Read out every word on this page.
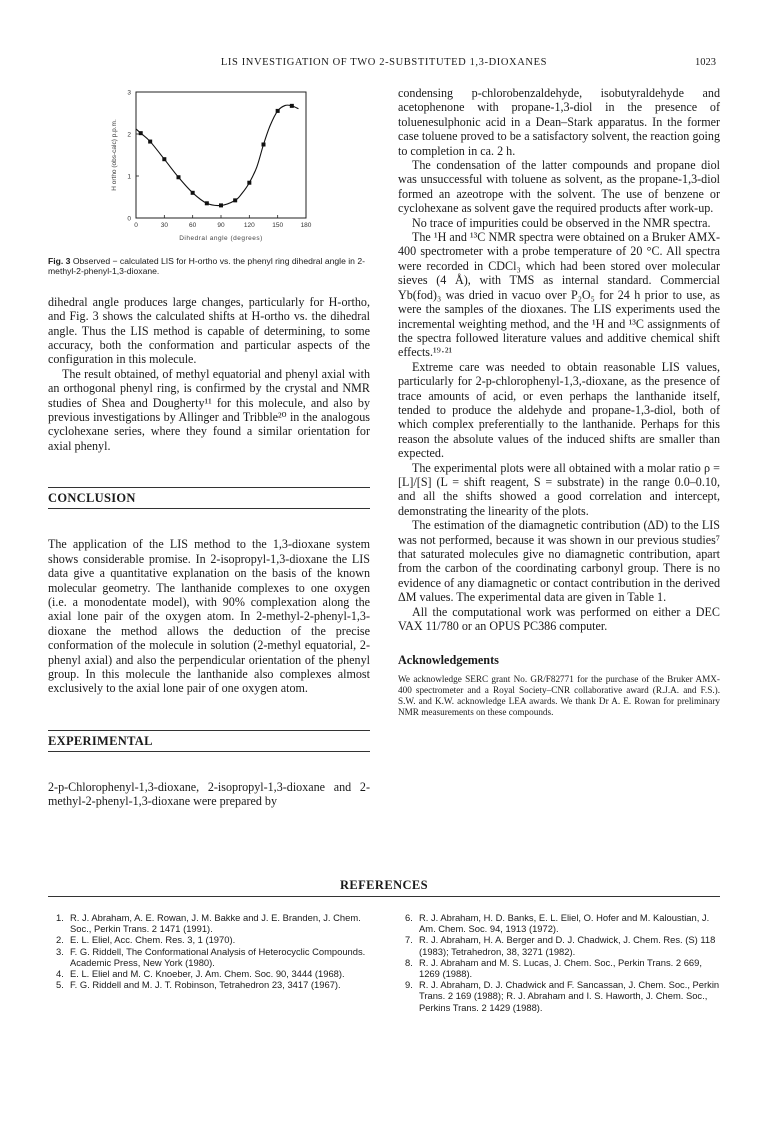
LIS INVESTIGATION OF TWO 2-SUBSTITUTED 1,3-DIOXANES	1023
0	30	60	90	120	150	180
0
1
2
3
Dihedral angle (degrees)
H ortho (obs-calc) p.p.m.
Fig. 3 Observed − calculated LIS for H-ortho vs. the phenyl ring dihedral angle in 2-methyl-2-phenyl-1,3-dioxane.

dihedral angle produces large changes, particularly for H-ortho, and Fig. 3 shows the calculated shifts at H-ortho vs. the dihedral angle. Thus the LIS method is capable of determining, to some accuracy, both the conformation and particular aspects of the configuration in this molecule.

The result obtained, of methyl equatorial and phenyl axial with an orthogonal phenyl ring, is confirmed by the crystal and NMR studies of Shea and Dougherty¹¹ for this molecule, and also by previous investigations by Allinger and Tribble²⁰ in the analogous cyclohexane series, where they found a similar orientation for axial phenyl.

CONCLUSION

The application of the LIS method to the 1,3-dioxane system shows considerable promise. In 2-isopropyl-1,3-dioxane the LIS data give a quantitative explanation on the basis of the known molecular geometry. The lanthanide complexes to one oxygen (i.e. a monodentate model), with 90% complexation along the axial lone pair of the oxygen atom. In 2-methyl-2-phenyl-1,3-dioxane the method allows the deduction of the precise conformation of the molecule in solution (2-methyl equatorial, 2-phenyl axial) and also the perpendicular orientation of the phenyl group. In this molecule the lanthanide also complexes almost exclusively to the axial lone pair of one oxygen atom.

EXPERIMENTAL

2-p-Chlorophenyl-1,3-dioxane, 2-isopropyl-1,3-dioxane and 2-methyl-2-phenyl-1,3-dioxane were prepared by

condensing p-chlorobenzaldehyde, isobutyraldehyde and acetophenone with propane-1,3-diol in the presence of toluenesulphonic acid in a Dean–Stark apparatus. In the former case toluene proved to be a satisfactory solvent, the reaction going to completion in ca. 2 h.

The condensation of the latter compounds and propane diol was unsuccessful with toluene as solvent, as the propane-1,3-diol formed an azeotrope with the solvent. The use of benzene or cyclohexane as solvent gave the required products after work-up.

No trace of impurities could be observed in the NMR spectra.

The ¹H and ¹³C NMR spectra were obtained on a Bruker AMX-400 spectrometer with a probe temperature of 20 °C. All spectra were recorded in CDCl₃ which had been stored over molecular sieves (4 Å), with TMS as internal standard. Commercial Yb(fod)₃ was dried in vacuo over P₂O₅ for 24 h prior to use, as were the samples of the dioxanes. The LIS experiments used the incremental weighting method, and the ¹H and ¹³C assignments of the spectra followed literature values and additive chemical shift effects.¹⁹·²¹

Extreme care was needed to obtain reasonable LIS values, particularly for 2-p-chlorophenyl-1,3,-dioxane, as the presence of trace amounts of acid, or even perhaps the lanthanide itself, tended to produce the aldehyde and propane-1,3-diol, both of which complex preferentially to the lanthanide. Perhaps for this reason the absolute values of the induced shifts are smaller than expected.

The experimental plots were all obtained with a molar ratio ρ = [L]/[S] (L = shift reagent, S = substrate) in the range 0.0–0.10, and all the shifts showed a good correlation and intercept, demonstrating the linearity of the plots.

The estimation of the diamagnetic contribution (ΔD) to the LIS was not performed, because it was shown in our previous studies⁷ that saturated molecules give no diamagnetic contribution, apart from the carbon of the coordinating carbonyl group. There is no evidence of any diamagnetic or contact contribution in the derived ΔM values. The experimental data are given in Table 1.

All the computational work was performed on either a DEC VAX 11/780 or an OPUS PC386 computer.

Acknowledgements
We acknowledge SERC grant No. GR/F82771 for the purchase of the Bruker AMX-400 spectrometer and a Royal Society–CNR collaborative award (R.J.A. and F.S.). S.W. and K.W. acknowledge LEA awards. We thank Dr A. E. Rowan for preliminary NMR measurements on these compounds.
REFERENCES
1. R. J. Abraham, A. E. Rowan, J. M. Bakke and J. E. Branden, J. Chem. Soc., Perkin Trans. 2 1471 (1991).
2. E. L. Eliel, Acc. Chem. Res. 3, 1 (1970).
3. F. G. Riddell, The Conformational Analysis of Heterocyclic Compounds. Academic Press, New York (1980).
4. E. L. Eliel and M. C. Knoeber, J. Am. Chem. Soc. 90, 3444 (1968).
5. F. G. Riddell and M. J. T. Robinson, Tetrahedron 23, 3417 (1967).
6. R. J. Abraham, H. D. Banks, E. L. Eliel, O. Hofer and M. Kaloustian, J. Am. Chem. Soc. 94, 1913 (1972).
7. R. J. Abraham, H. A. Berger and D. J. Chadwick, J. Chem. Res. (S) 118 (1983); Tetrahedron, 38, 3271 (1982).
8. R. J. Abraham and M. S. Lucas, J. Chem. Soc., Perkin Trans. 2 669, 1269 (1988).
9. R. J. Abraham, D. J. Chadwick and F. Sancassan, J. Chem. Soc., Perkin Trans. 2 169 (1988); R. J. Abraham and I. S. Haworth, J. Chem. Soc., Perkins Trans. 2 1429 (1988).
